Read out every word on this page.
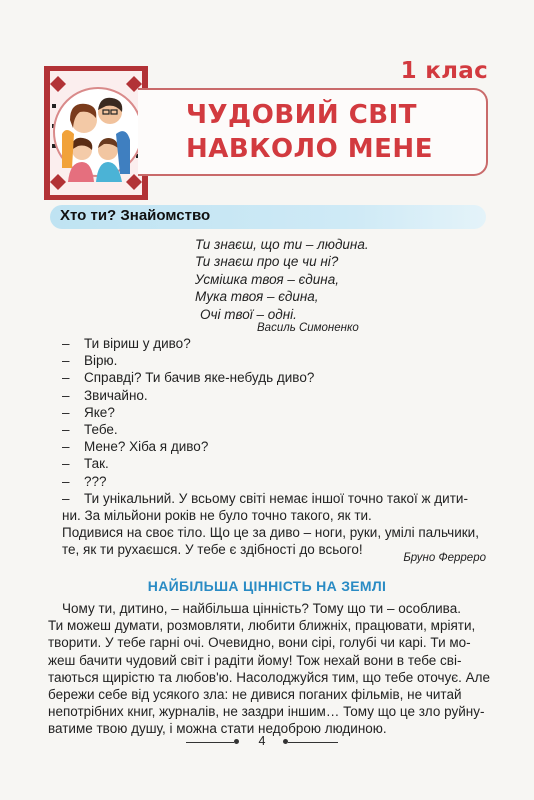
1 клас
ЧУДОВИЙ СВІТ
НАВКОЛО МЕНЕ
Хто ти? Знайомство
Ти знаєш, що ти – людина.
Ти знаєш про це чи ні?
Усмішка твоя – єдина,
Мука твоя – єдина,
Очі твої – одні.
Василь Симоненко
–	Ти віриш у диво?
–	Вірю.
–	Справді? Ти бачив яке-небудь диво?
–	Звичайно.
–	Яке?
–	Тебе.
–	Мене? Хіба я диво?
–	Так.
–	???
–	Ти унікальний. У всьому світі немає іншої точно такої ж дити-
ни. За мільйони років не було точно такого, як ти.
Подивися на своє тіло. Що це за диво – ноги, руки, умілі пальчики,
те, як ти рухаєшся. У тебе є здібності до всього!
Бруно Ферреро
НАЙБІЛЬША ЦІННІСТЬ НА ЗЕМЛІ
Чому ти, дитино, – найбільша цінність? Тому що ти – особлива.
Ти можеш думати, розмовляти, любити ближніх, працювати, мріяти,
творити. У тебе гарні очі. Очевидно, вони сірі, голубі чи карі. Ти мо-
жеш бачити чудовий світ і радіти йому! Тож нехай вони в тебе сві-
таються щирістю та любов'ю. Насолоджуйся тим, що тебе оточує. Але
бережи себе від усякого зла: не дивися поганих фільмів, не читай
непотрібних книг, журналів, не заздри іншим… Тому що це зло руйну-
ватиме твою душу, і можна стати недоброю людиною.
4
